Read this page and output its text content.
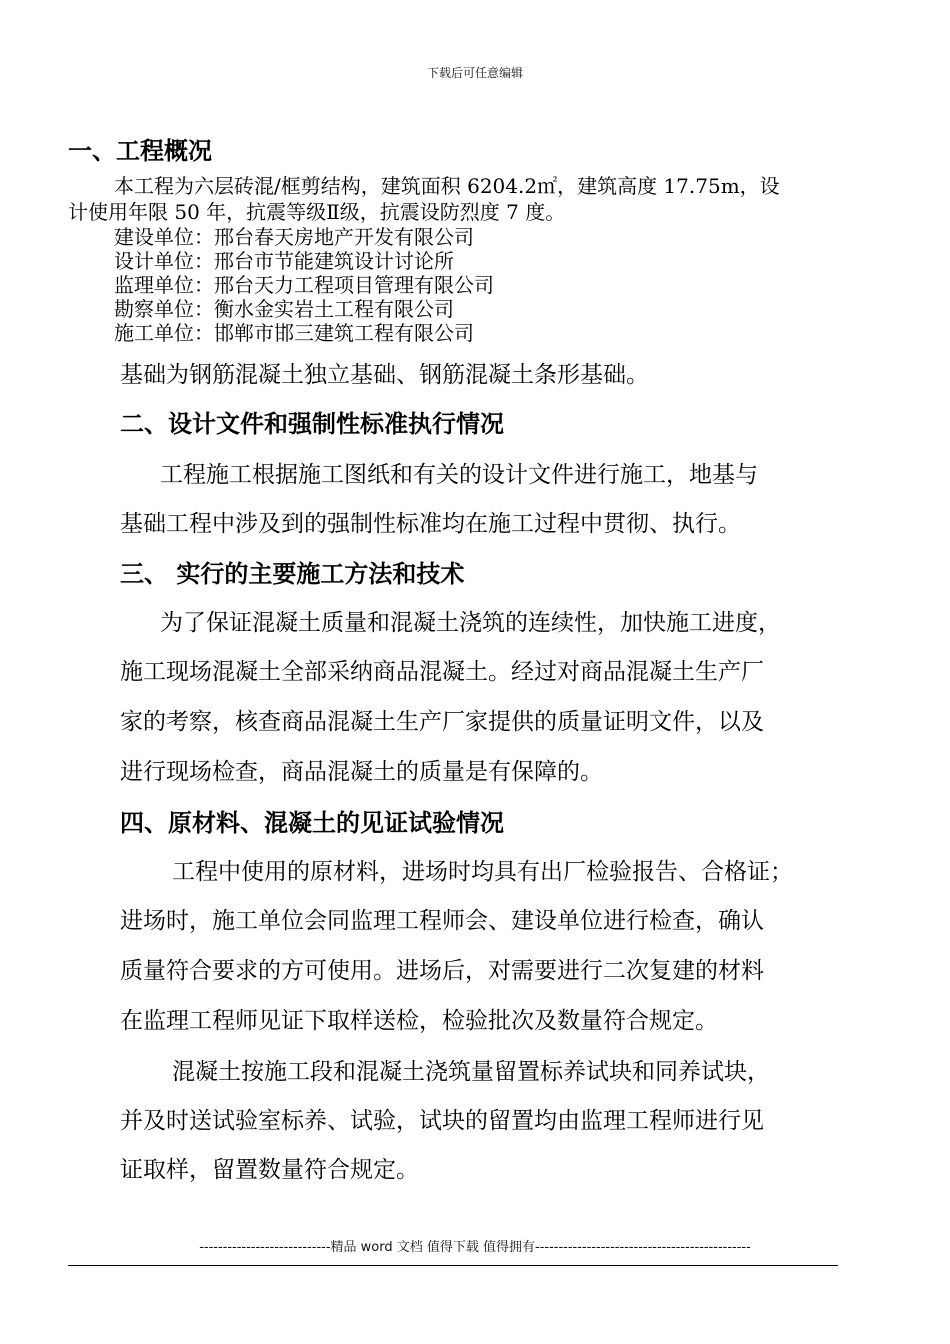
下载后可任意编辑
一、工程概况
本工程为六层砖混/框剪结构，建筑面积 6204.2㎡，建筑高度 17.75m，设
计使用年限 50 年，抗震等级Ⅱ级，抗震设防烈度 7 度。
建设单位：邢台春天房地产开发有限公司
设计单位：邢台市节能建筑设计讨论所
监理单位：邢台天力工程项目管理有限公司
勘察单位：衡水金实岩土工程有限公司
施工单位：邯郸市邯三建筑工程有限公司
基础为钢筋混凝土独立基础、钢筋混凝土条形基础。
二、设计文件和强制性标准执行情况
工程施工根据施工图纸和有关的设计文件进行施工，地基与
基础工程中涉及到的强制性标准均在施工过程中贯彻、执行。
三、 实行的主要施工方法和技术
为了保证混凝土质量和混凝土浇筑的连续性，加快施工进度，
施工现场混凝土全部采纳商品混凝土。经过对商品混凝土生产厂
家的考察，核查商品混凝土生产厂家提供的质量证明文件，以及
进行现场检查，商品混凝土的质量是有保障的。
四、原材料、混凝土的见证试验情况
工程中使用的原材料，进场时均具有出厂检验报告、合格证；
进场时，施工单位会同监理工程师会、建设单位进行检查，确认
质量符合要求的方可使用。进场后，对需要进行二次复建的材料
在监理工程师见证下取样送检，检验批次及数量符合规定。
混凝土按施工段和混凝土浇筑量留置标养试块和同养试块，
并及时送试验室标养、试验，试块的留置均由监理工程师进行见
证取样，留置数量符合规定。
----------------------------精品 word 文档 值得下载 值得拥有----------------------------------------------
